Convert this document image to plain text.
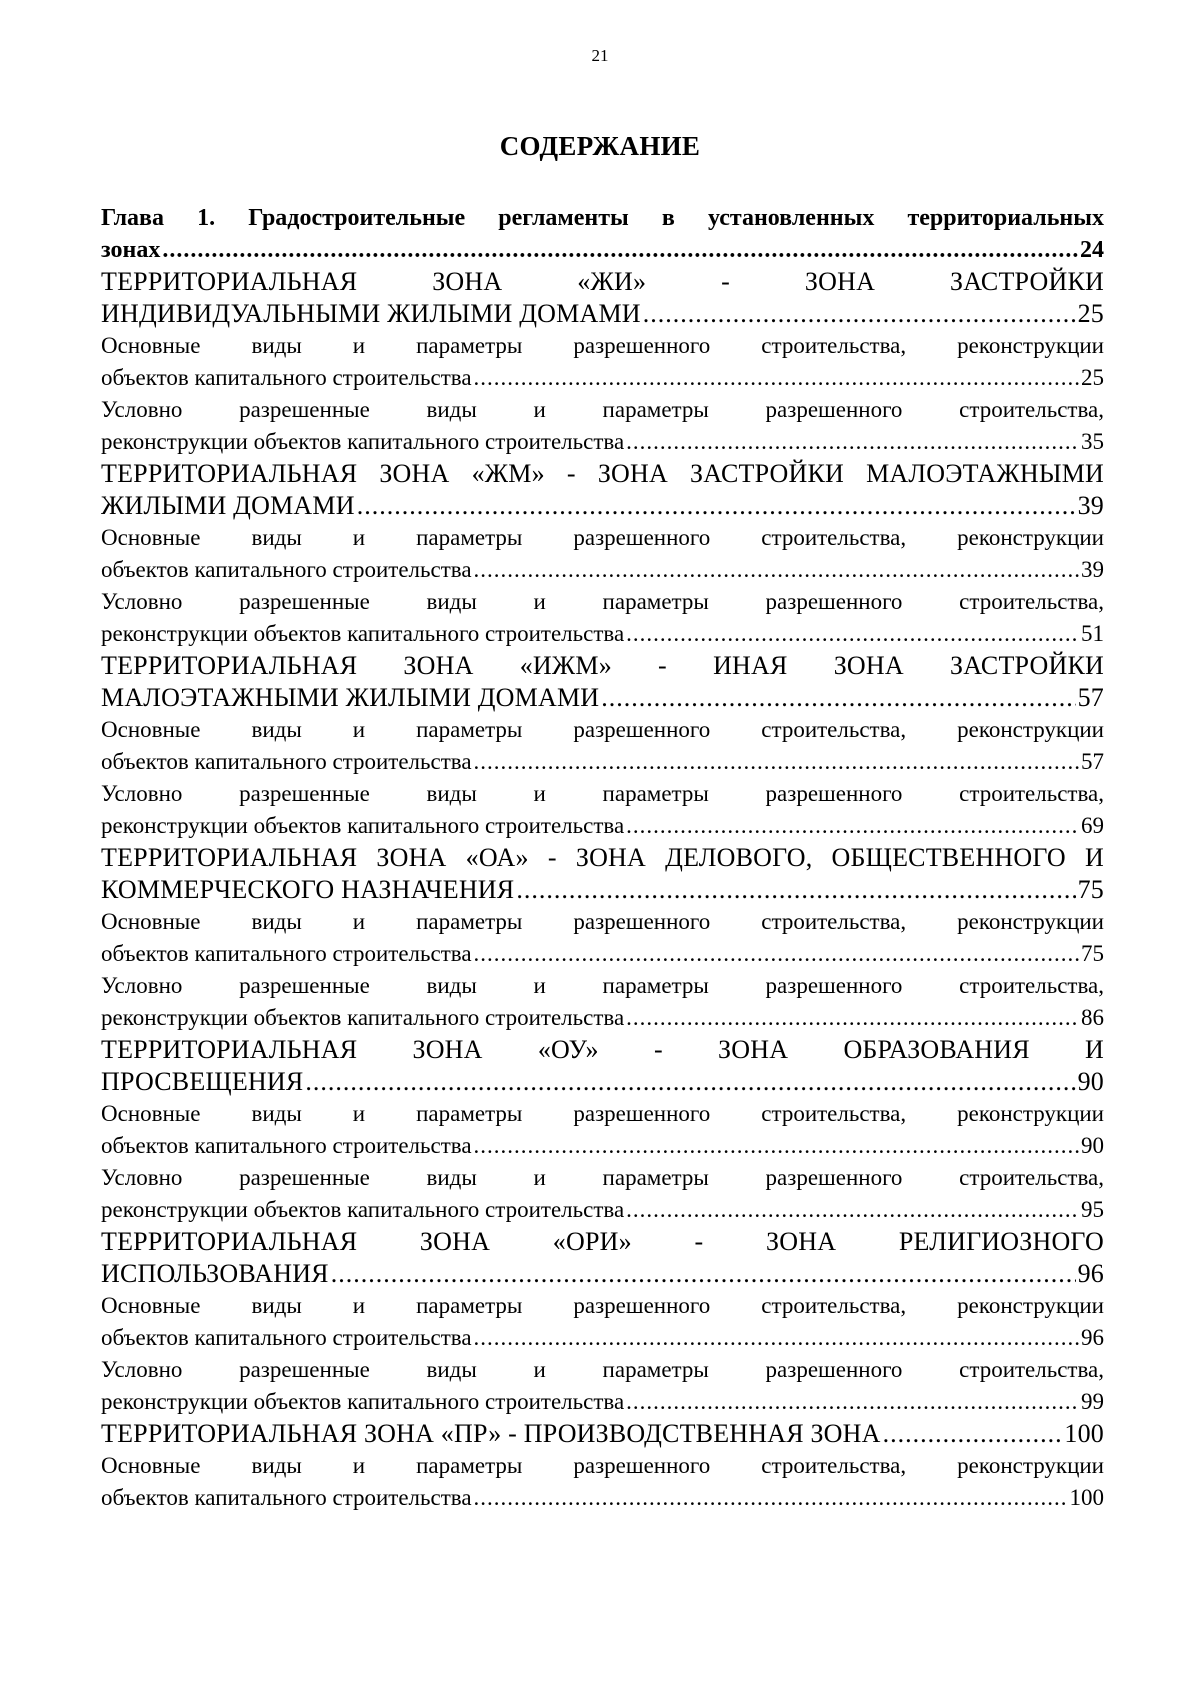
21
СОДЕРЖАНИЕ
Глава 1. Градостроительные регламенты в установленных территориальных
зонах .....	24
ТЕРРИТОРИАЛЬНАЯ ЗОНА «ЖИ» - ЗОНА ЗАСТРОЙКИ
ИНДИВИДУАЛЬНЫМИ ЖИЛЫМИ ДОМАМИ .....	25
Основные виды и параметры разрешенного строительства, реконструкции
объектов капитального строительства .....	25
Условно разрешенные виды и параметры разрешенного строительства,
реконструкции объектов капитального строительства .....	35
ТЕРРИТОРИАЛЬНАЯ ЗОНА «ЖМ» - ЗОНА ЗАСТРОЙКИ МАЛОЭТАЖНЫМИ
ЖИЛЫМИ ДОМАМИ .....	39
Основные виды и параметры разрешенного строительства, реконструкции
объектов капитального строительства .....	39
Условно разрешенные виды и параметры разрешенного строительства,
реконструкции объектов капитального строительства .....	51
ТЕРРИТОРИАЛЬНАЯ ЗОНА «ИЖМ» - ИНАЯ ЗОНА ЗАСТРОЙКИ
МАЛОЭТАЖНЫМИ ЖИЛЫМИ ДОМАМИ .....	57
Основные виды и параметры разрешенного строительства, реконструкции
объектов капитального строительства .....	57
Условно разрешенные виды и параметры разрешенного строительства,
реконструкции объектов капитального строительства .....	69
ТЕРРИТОРИАЛЬНАЯ ЗОНА «ОА» - ЗОНА ДЕЛОВОГО, ОБЩЕСТВЕННОГО И
КОММЕРЧЕСКОГО НАЗНАЧЕНИЯ .....	75
Основные виды и параметры разрешенного строительства, реконструкции
объектов капитального строительства .....	75
Условно разрешенные виды и параметры разрешенного строительства,
реконструкции объектов капитального строительства .....	86
ТЕРРИТОРИАЛЬНАЯ ЗОНА «ОУ» - ЗОНА ОБРАЗОВАНИЯ И
ПРОСВЕЩЕНИЯ .....	90
Основные виды и параметры разрешенного строительства, реконструкции
объектов капитального строительства .....	90
Условно разрешенные виды и параметры разрешенного строительства,
реконструкции объектов капитального строительства .....	95
ТЕРРИТОРИАЛЬНАЯ ЗОНА «ОРИ» - ЗОНА РЕЛИГИОЗНОГО
ИСПОЛЬЗОВАНИЯ .....	96
Основные виды и параметры разрешенного строительства, реконструкции
объектов капитального строительства .....	96
Условно разрешенные виды и параметры разрешенного строительства,
реконструкции объектов капитального строительства .....	99
ТЕРРИТОРИАЛЬНАЯ ЗОНА «ПР» - ПРОИЗВОДСТВЕННАЯ ЗОНА .....	100
Основные виды и параметры разрешенного строительства, реконструкции
объектов капитального строительства .....	100
